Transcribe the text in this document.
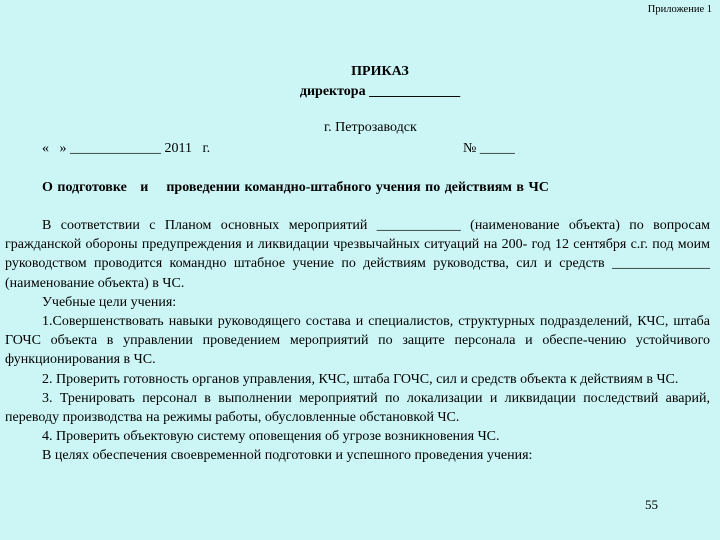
Приложение 1
ПРИКАЗ
директора _____________
г. Петрозаводск
«   » _____________ 2011   г.	№ _____
О подготовке   и    проведении командно-штабного учения по действиям в ЧС

В соответствии с Планом основных мероприятий ____________ (наименование объекта) по вопросам гражданской обороны предупреждения и ликвидации чрезвычайных ситуаций на 200- год 12 сентября с.г. под моим руководством проводится командно штабное учение по действиям руководства, сил и средств ______________ (наименование объекта) в ЧС.

Учебные цели учения:

1.Совершенствовать навыки руководящего состава и специалистов, структурных подразделений, КЧС, штаба ГОЧС объекта в управлении проведением мероприятий по защите персонала и обеспе-чению устойчивого функционирования в ЧС.

2. Проверить готовность органов управления, КЧС, штаба ГОЧС, сил и средств объекта к действиям в ЧС.

3. Тренировать персонал в выполнении мероприятий по локализации и ликвидации последствий аварий, переводу производства на режимы работы, обусловленные обстановкой ЧС.

4. Проверить объектовую систему оповещения об угрозе возникновения ЧС.

В целях обеспечения своевременной подготовки и успешного проведения учения:

55
